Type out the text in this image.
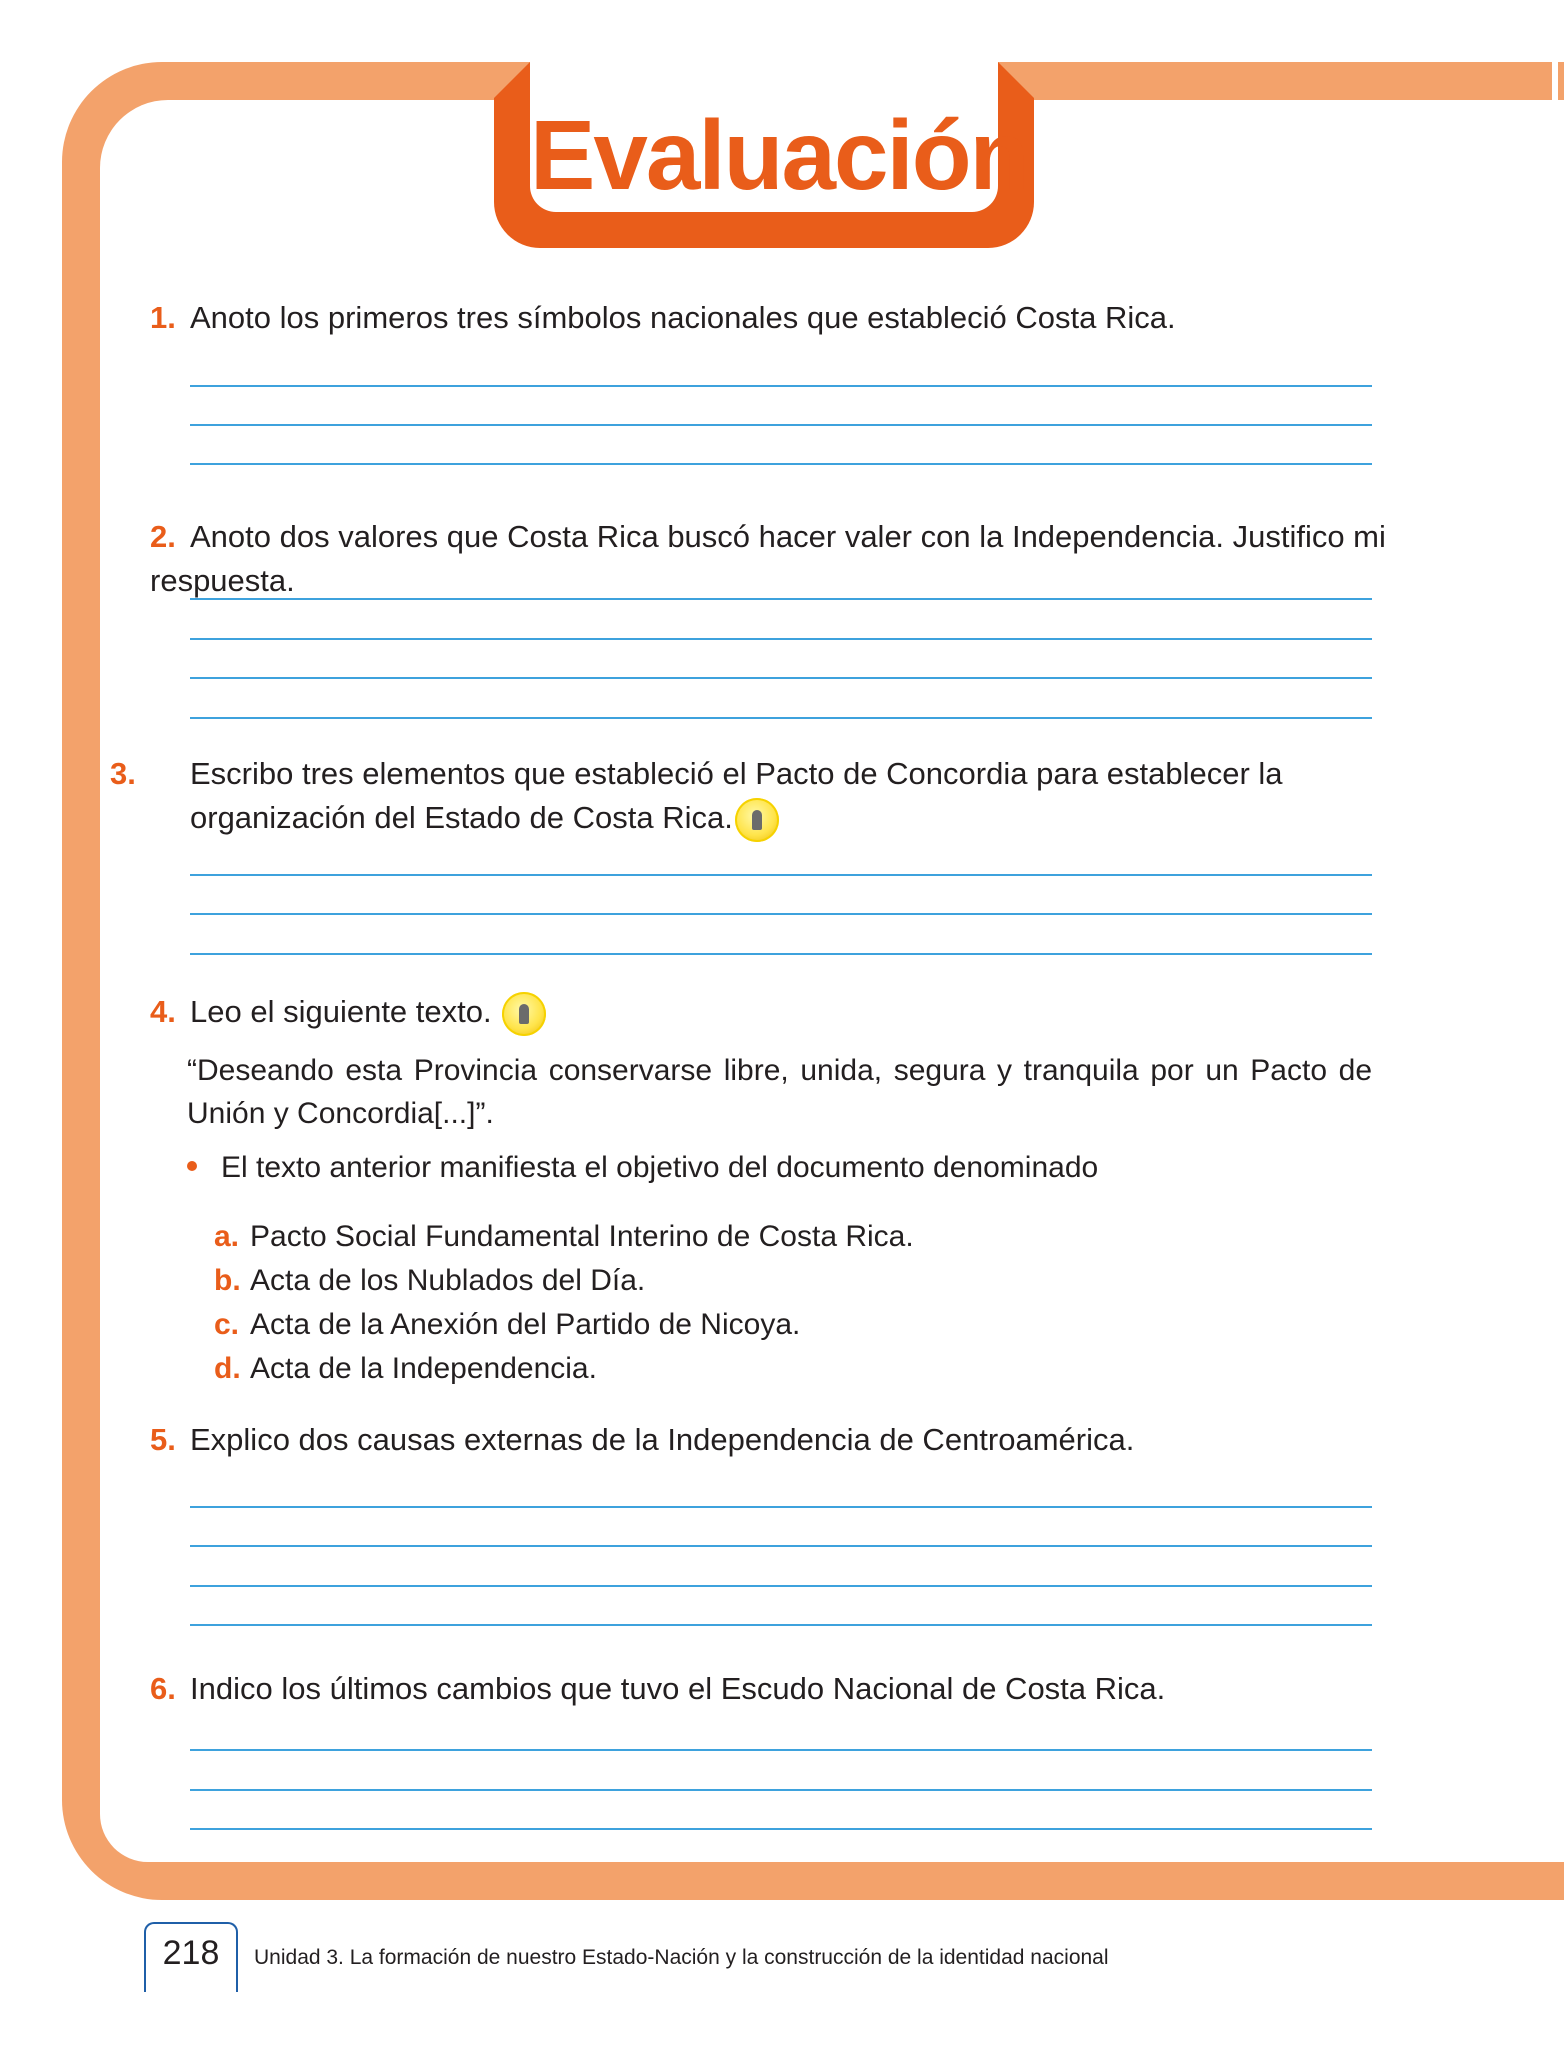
Evaluación
1. Anoto los primeros tres símbolos nacionales que estableció Costa Rica.
2. Anoto dos valores que Costa Rica buscó hacer valer con la Independencia. Justifico mi respuesta.
3. Escribo tres elementos que estableció el Pacto de Concordia para establecer la organización del Estado de Costa Rica.
4. Leo el siguiente texto.
“Deseando esta Provincia conservarse libre, unida, segura y tranquila por un Pacto de Unión y Concordia[...]”.
El texto anterior manifiesta el objetivo del documento denominado
a. Pacto Social Fundamental Interino de Costa Rica.
b. Acta de los Nublados del Día.
c. Acta de la Anexión del Partido de Nicoya.
d. Acta de la Independencia.
5. Explico dos causas externas de la Independencia de Centroamérica.
6. Indico los últimos cambios que tuvo el Escudo Nacional de Costa Rica.
218	Unidad 3. La formación de nuestro Estado-Nación y la construcción de la identidad nacional
